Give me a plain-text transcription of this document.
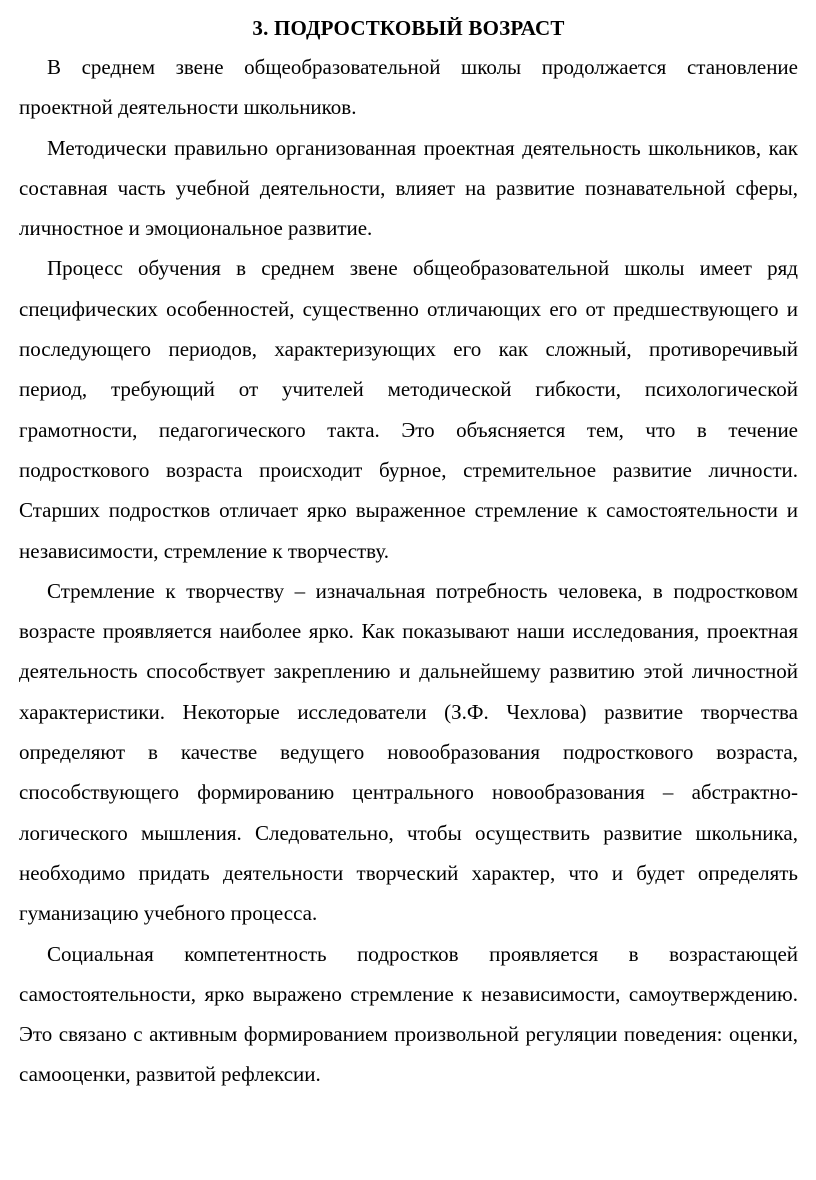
3. ПОДРОСТКОВЫЙ ВОЗРАСТ

В среднем звене общеобразовательной школы продолжается становление проектной деятельности школьников.

Методически правильно организованная проектная деятельность школьников, как составная часть учебной деятельности, влияет на развитие познавательной сферы, личностное и эмоциональное развитие.

Процесс обучения в среднем звене общеобразовательной школы имеет ряд специфических особенностей, существенно отличающих его от предшествующего и последующего периодов, характеризующих его как сложный, противоречивый период, требующий от учителей методической гибкости, психологической грамотности, педагогического такта. Это объясняется тем, что в течение подросткового возраста происходит бурное, стремительное развитие личности. Старших подростков отличает ярко выраженное стремление к самостоятельности и независимости, стремление к творчеству.

Стремление к творчеству – изначальная потребность человека, в подростковом возрасте проявляется наиболее ярко. Как показывают наши исследования, проектная деятельность способствует закреплению и дальнейшему развитию этой личностной характеристики. Некоторые исследователи (З.Ф. Чехлова) развитие творчества определяют в качестве ведущего новообразования подросткового возраста, способствующего формированию центрального новообразования – абстрактно-логического мышления. Следовательно, чтобы осуществить развитие школьника, необходимо придать деятельности творческий характер, что и будет определять гуманизацию учебного процесса.

Социальная компетентность подростков проявляется в возрастающей самостоятельности, ярко выражено стремление к независимости, самоутверждению. Это связано с активным формированием произвольной регуляции поведения: оценки, самооценки, развитой рефлексии.
